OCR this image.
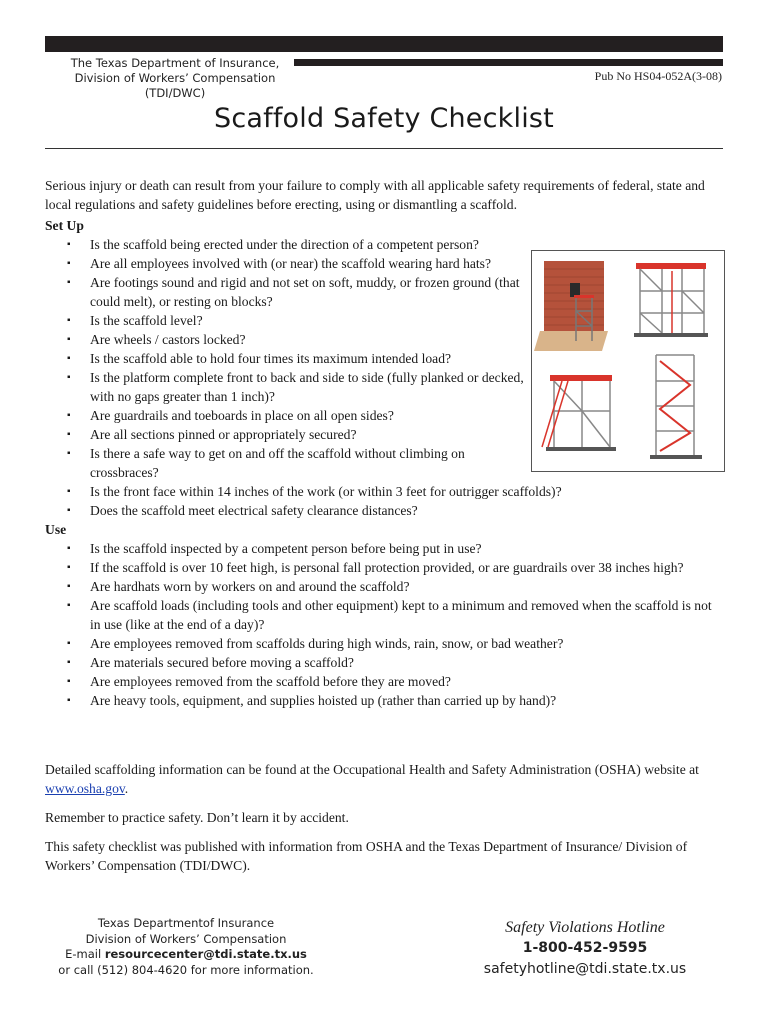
The Texas Department of Insurance,
Division of Workers’ Compensation (TDI/DWC)
Pub No HS04-052A(3-08)
Scaffold Safety Checklist

Serious injury or death can result from your failure to comply with all applicable safety requirements of federal, state and local regulations and safety guidelines before erecting, using or dismantling a scaffold.

Set Up
▪ Is the scaffold being erected under the direction of a competent person?
▪ Are all employees involved with (or near) the scaffold wearing hard hats?
▪ Are footings sound and rigid and not set on soft, muddy, or frozen ground (that could melt), or resting on blocks?
▪ Is the scaffold level?
▪ Are wheels / castors locked?
▪ Is the scaffold able to hold four times its maximum intended load?
▪ Is the platform complete front to back and side to side (fully planked or decked, with no gaps greater than 1 inch)?
▪ Are guardrails and toeboards in place on all open sides?
▪ Are all sections pinned or appropriately secured?
▪ Is there a safe way to get on and off the scaffold without climbing on crossbraces?
▪ Is the front face within 14 inches of the work (or within 3 feet for outrigger scaffolds)?
▪ Does the scaffold meet electrical safety clearance distances?
Use
▪ Is the scaffold inspected by a competent person before being put in use?
▪ If the scaffold is over 10 feet high, is personal fall protection provided, or are guardrails over 38 inches high?
▪ Are hardhats worn by workers on and around the scaffold?
▪ Are scaffold loads (including tools and other equipment) kept to a minimum and removed when the scaffold is not in use (like at the end of a day)?
▪ Are employees removed from scaffolds during high winds, rain, snow, or bad weather?
▪ Are materials secured before moving a scaffold?
▪ Are employees removed from the scaffold before they are moved?
▪ Are heavy tools, equipment, and supplies hoisted up (rather than carried up by hand)?

Detailed scaffolding information can be found at the Occupational Health and Safety Administration (OSHA) website at www.osha.gov.

Remember to practice safety. Don’t learn it by accident.

This safety checklist was published with information from OSHA and the Texas Department of Insurance/ Division of Workers’ Compensation (TDI/DWC).

Texas Departmentof Insurance
Division of Workers’ Compensation
E-mail resourcecenter@tdi.state.tx.us
or call (512) 804-4620 for more information.
Safety Violations Hotline
1-800-452-9595
safetyhotline@tdi.state.tx.us
